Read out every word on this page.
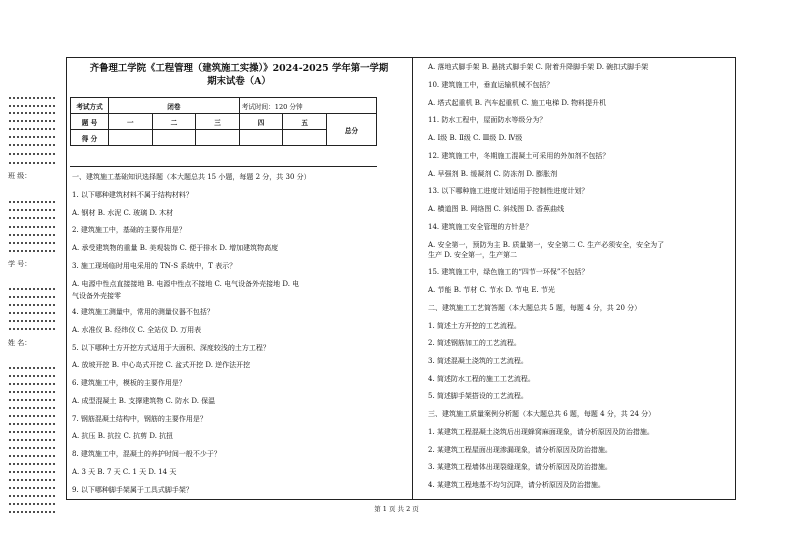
班 级：
学 号：
姓 名：
齐鲁理工学院《工程管理（建筑施工实操）》2024-2025 学年第一学期
期末试卷（A）
考试方式	闭卷			考试时间：120 分钟		
题 号	一	二	三	四	五	总分
得 分						
一、建筑施工基础知识选择题（本大题总共 15 小题，每题 2 分，共 30 分）
1. 以下哪种建筑材料不属于结构材料？
A. 钢材 B. 水泥 C. 玻璃 D. 木材
2. 建筑施工中，基础的主要作用是？
A. 承受建筑物的重量 B. 美观装饰 C. 便于排水 D. 增加建筑物高度
3. 施工现场临时用电采用的 TN-S 系统中，T 表示？
A. 电源中性点直接接地 B. 电源中性点不接地 C. 电气设备外壳接地 D. 电
气设备外壳接零
4. 建筑施工测量中，常用的测量仪器不包括？
A. 水准仪 B. 经纬仪 C. 全站仪 D. 万用表
5. 以下哪种土方开挖方式适用于大面积、深度较浅的土方工程？
A. 放坡开挖 B. 中心岛式开挖 C. 盆式开挖 D. 逆作法开挖
6. 建筑施工中，模板的主要作用是？
A. 成型混凝土 B. 支撑建筑物 C. 防水 D. 保温
7. 钢筋混凝土结构中，钢筋的主要作用是？
A. 抗压 B. 抗拉 C. 抗剪 D. 抗扭
8. 建筑施工中，混凝土的养护时间一般不少于？
A. 3 天 B. 7 天 C. 1 天 D. 14 天
9. 以下哪种脚手架属于工具式脚手架？
A. 落地式脚手架 B. 悬挑式脚手架 C. 附着升降脚手架 D. 碗扣式脚手架
10. 建筑施工中，垂直运输机械不包括？
A. 塔式起重机 B. 汽车起重机 C. 施工电梯 D. 物料提升机
11. 防水工程中，屋面防水等级分为？
A. Ⅰ级 B. Ⅱ级 C. Ⅲ级 D. Ⅳ级
12. 建筑施工中，冬期施工混凝土可采用的外加剂不包括？
A. 早强剂 B. 缓凝剂 C. 防冻剂 D. 膨胀剂
13. 以下哪种施工进度计划适用于控制性进度计划？
A. 横道图 B. 网络图 C. 斜线图 D. 香蕉曲线
14. 建筑施工安全管理的方针是？
A. 安全第一，预防为主 B. 质量第一，安全第二 C. 生产必须安全，安全为了
生产 D. 安全第一，生产第二
15. 建筑施工中，绿色施工的“四节一环保”不包括？
A. 节能 B. 节材 C. 节水 D. 节电 E. 节光
二、建筑施工工艺简答题（本大题总共 5 题，每题 4 分，共 20 分）
1. 简述土方开挖的工艺流程。
2. 简述钢筋加工的工艺流程。
3. 简述混凝土浇筑的工艺流程。
4. 简述防水工程的施工工艺流程。
5. 简述脚手架搭设的工艺流程。
三、建筑施工质量案例分析题（本大题总共 6 题，每题 4 分，共 24 分）
1. 某建筑工程混凝土浇筑后出现蜂窝麻面现象，请分析原因及防治措施。
2. 某建筑工程屋面出现渗漏现象，请分析原因及防治措施。
3. 某建筑工程墙体出现裂缝现象，请分析原因及防治措施。
4. 某建筑工程地基不均匀沉降，请分析原因及防治措施。
第 1 页 共 2 页
